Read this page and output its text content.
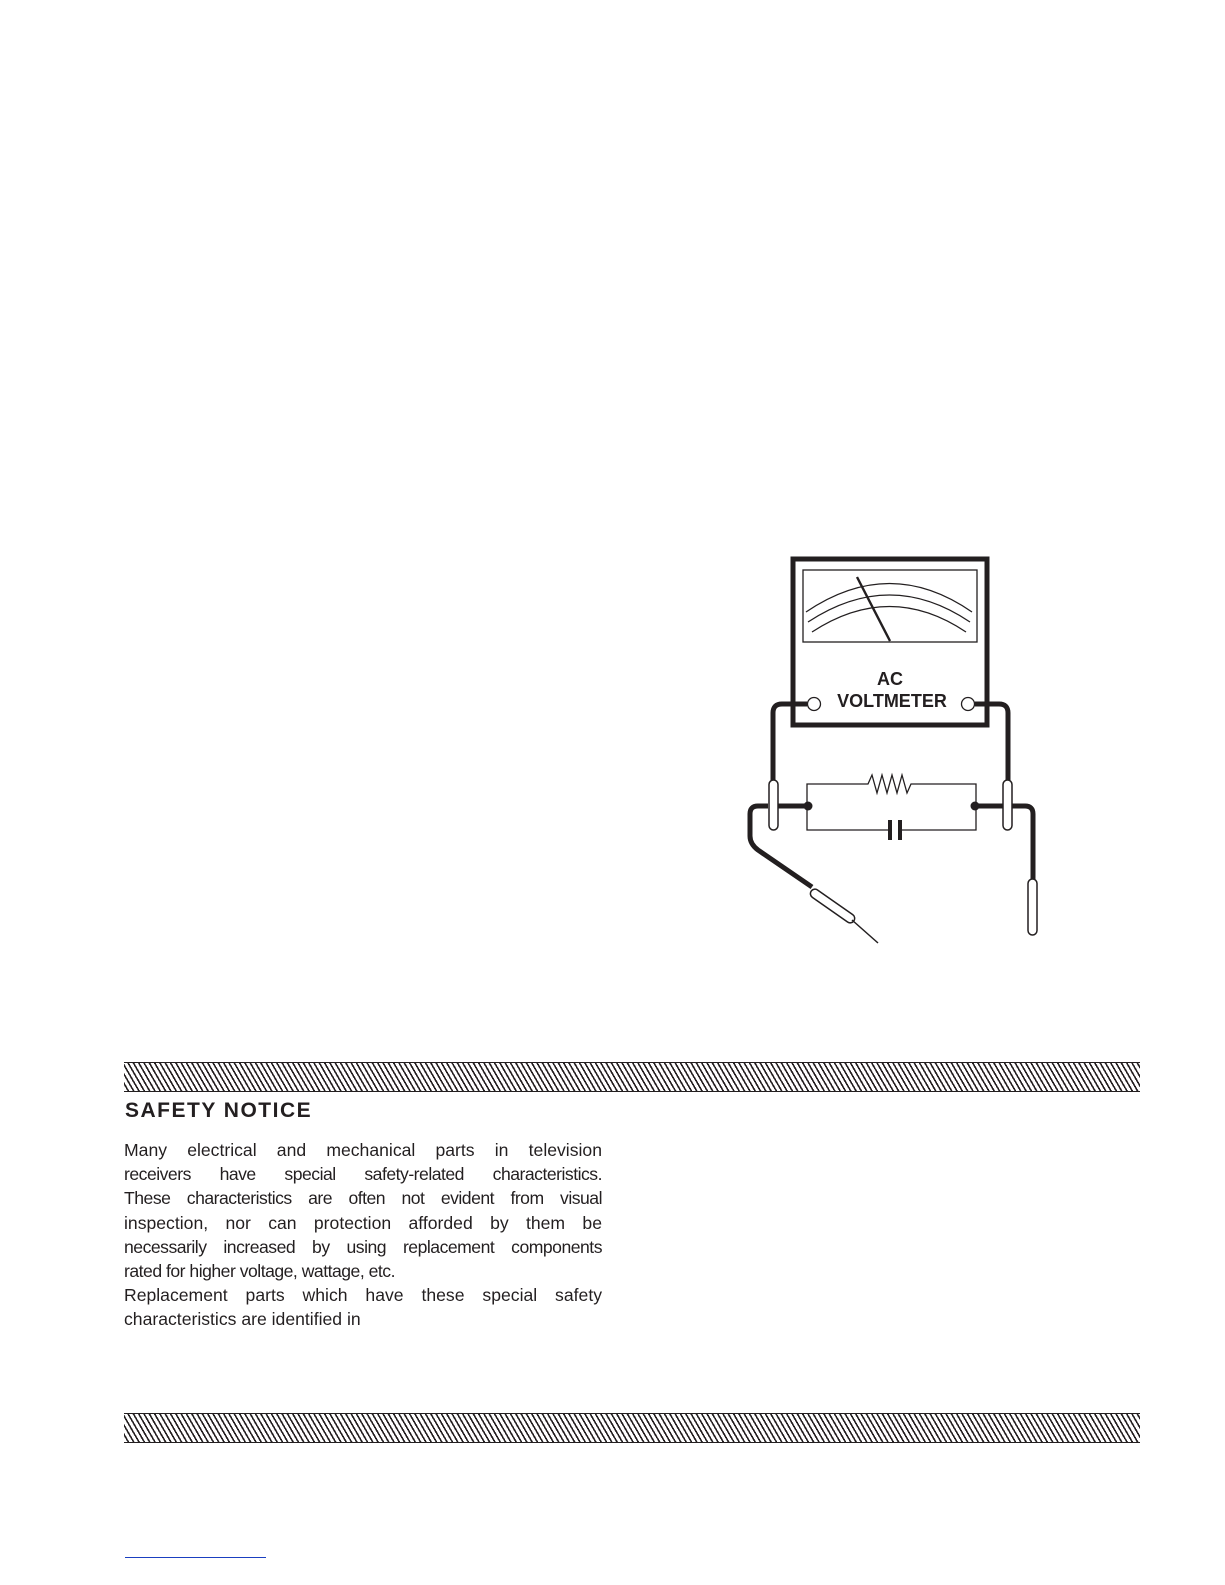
AC
VOLTMETER
SAFETY NOTICE
Many electrical and mechanical parts in television
receivers have special safety-related characteristics.
These characteristics are often not evident from visual
inspection, nor can protection afforded by them be
necessarily increased by using replacement components
rated for higher voltage, wattage, etc.
Replacement parts which have these special safety
characteristics are identified in
